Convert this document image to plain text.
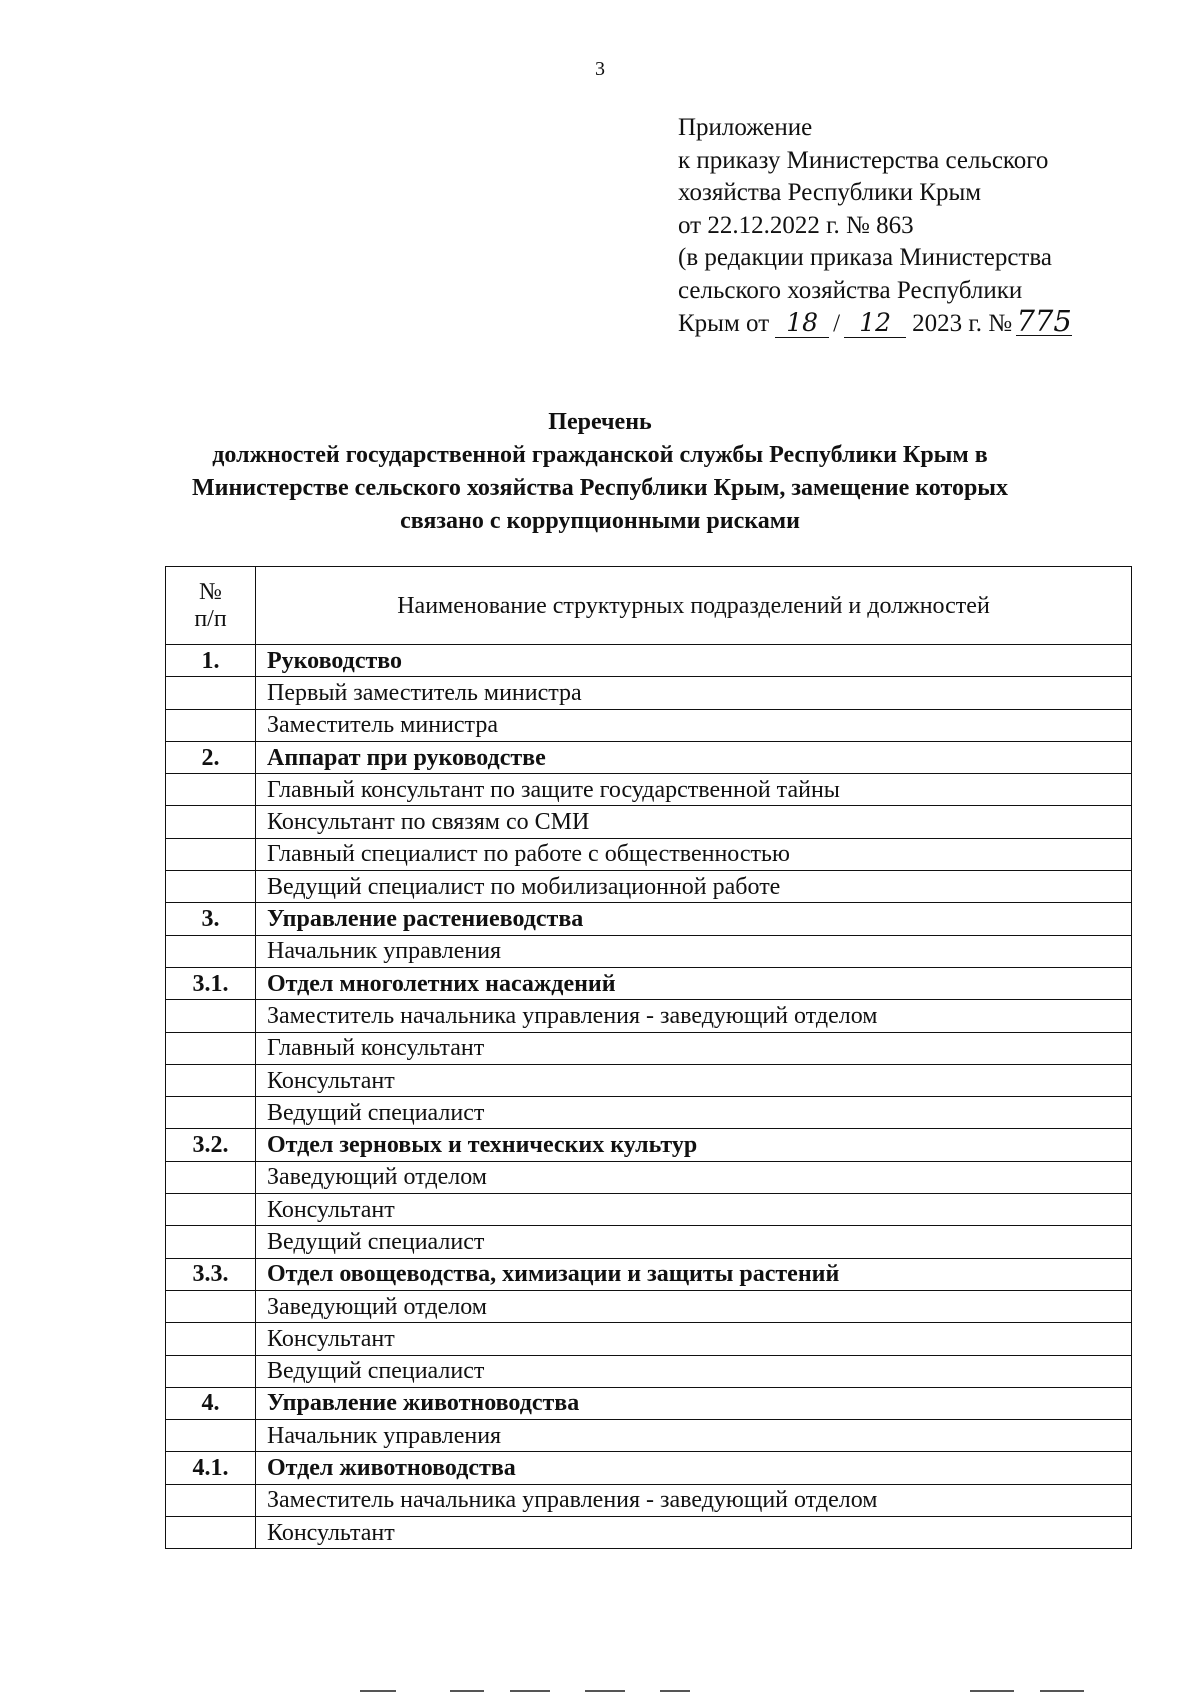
3
Приложение
к приказу Министерства сельского
хозяйства Республики Крым
от 22.12.2022 г. № 863
(в редакции приказа Министерства
сельского хозяйства Республики
Крым от 18 / 12 2023 г. № 775
Перечень
должностей государственной гражданской службы Республики Крым в Министерстве сельского хозяйства Республики Крым, замещение которых связано с коррупционными рисками
№
п/п	Наименование структурных подразделений и должностей
1.	Руководство
	Первый заместитель министра
	Заместитель министра
2.	Аппарат при руководстве
	Главный консультант по защите государственной тайны
	Консультант по связям со СМИ
	Главный специалист по работе с общественностью
	Ведущий специалист по мобилизационной работе
3.	Управление растениеводства
	Начальник управления
3.1.	Отдел многолетних насаждений
	Заместитель начальника управления - заведующий отделом
	Главный консультант
	Консультант
	Ведущий специалист
3.2.	Отдел зерновых и технических культур
	Заведующий отделом
	Консультант
	Ведущий специалист
3.3.	Отдел овощеводства, химизации и защиты растений
	Заведующий отделом
	Консультант
	Ведущий специалист
4.	Управление животноводства
	Начальник управления
4.1.	Отдел животноводства
	Заместитель начальника управления - заведующий отделом
	Консультант
